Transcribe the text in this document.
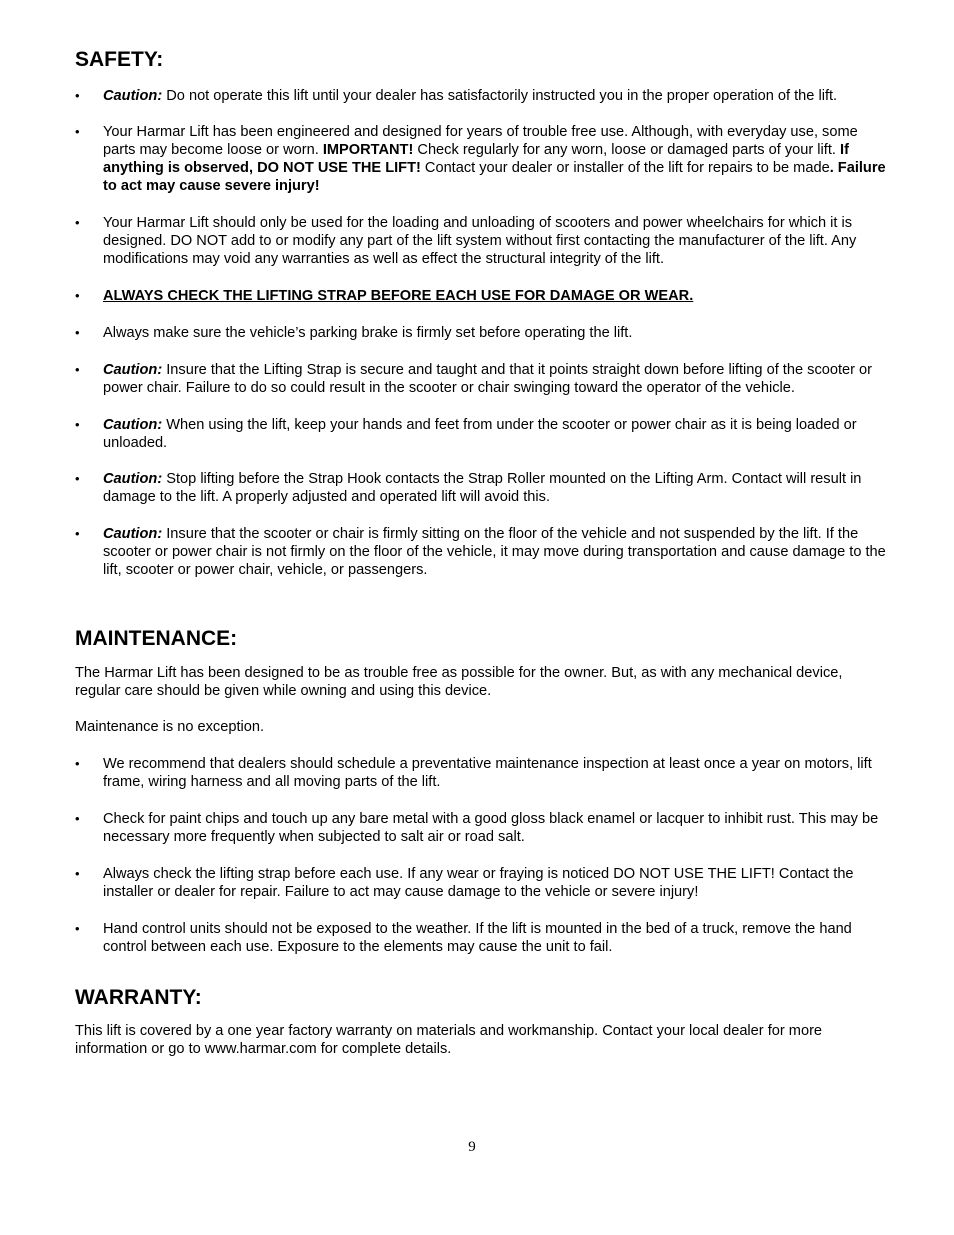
SAFETY:
• Caution: Do not operate this lift until your dealer has satisfactorily instructed you in the proper operation of the lift.
• Your Harmar Lift has been engineered and designed for years of trouble free use. Although, with everyday use, some parts may become loose or worn. IMPORTANT! Check regularly for any worn, loose or damaged parts of your lift. If anything is observed, DO NOT USE THE LIFT! Contact your dealer or installer of the lift for repairs to be made. Failure to act may cause severe injury!
• Your Harmar Lift should only be used for the loading and unloading of scooters and power wheelchairs for which it is designed. DO NOT add to or modify any part of the lift system without first contacting the manufacturer of the lift. Any modifications may void any warranties as well as effect the structural integrity of the lift.
• ALWAYS CHECK THE LIFTING STRAP BEFORE EACH USE FOR DAMAGE OR WEAR.
• Always make sure the vehicle’s parking brake is firmly set before operating the lift.
• Caution: Insure that the Lifting Strap is secure and taught and that it points straight down before lifting of the scooter or power chair. Failure to do so could result in the scooter or chair swinging toward the operator of the vehicle.
• Caution: When using the lift, keep your hands and feet from under the scooter or power chair as it is being loaded or unloaded.
• Caution: Stop lifting before the Strap Hook contacts the Strap Roller mounted on the Lifting Arm. Contact will result in damage to the lift. A properly adjusted and operated lift will avoid this.
• Caution: Insure that the scooter or chair is firmly sitting on the floor of the vehicle and not suspended by the lift. If the scooter or power chair is not firmly on the floor of the vehicle, it may move during transportation and cause damage to the lift, scooter or power chair, vehicle, or passengers.
MAINTENANCE:

The Harmar Lift has been designed to be as trouble free as possible for the owner. But, as with any mechanical device, regular care should be given while owning and using this device.

Maintenance is no exception.

• We recommend that dealers should schedule a preventative maintenance inspection at least once a year on motors, lift frame, wiring harness and all moving parts of the lift.
• Check for paint chips and touch up any bare metal with a good gloss black enamel or lacquer to inhibit rust. This may be necessary more frequently when subjected to salt air or road salt.
• Always check the lifting strap before each use. If any wear or fraying is noticed DO NOT USE THE LIFT! Contact the installer or dealer for repair. Failure to act may cause damage to the vehicle or severe injury!
• Hand control units should not be exposed to the weather. If the lift is mounted in the bed of a truck, remove the hand control between each use. Exposure to the elements may cause the unit to fail.
WARRANTY:

This lift is covered by a one year factory warranty on materials and workmanship. Contact your local dealer for more information or go to www.harmar.com for complete details.

9
